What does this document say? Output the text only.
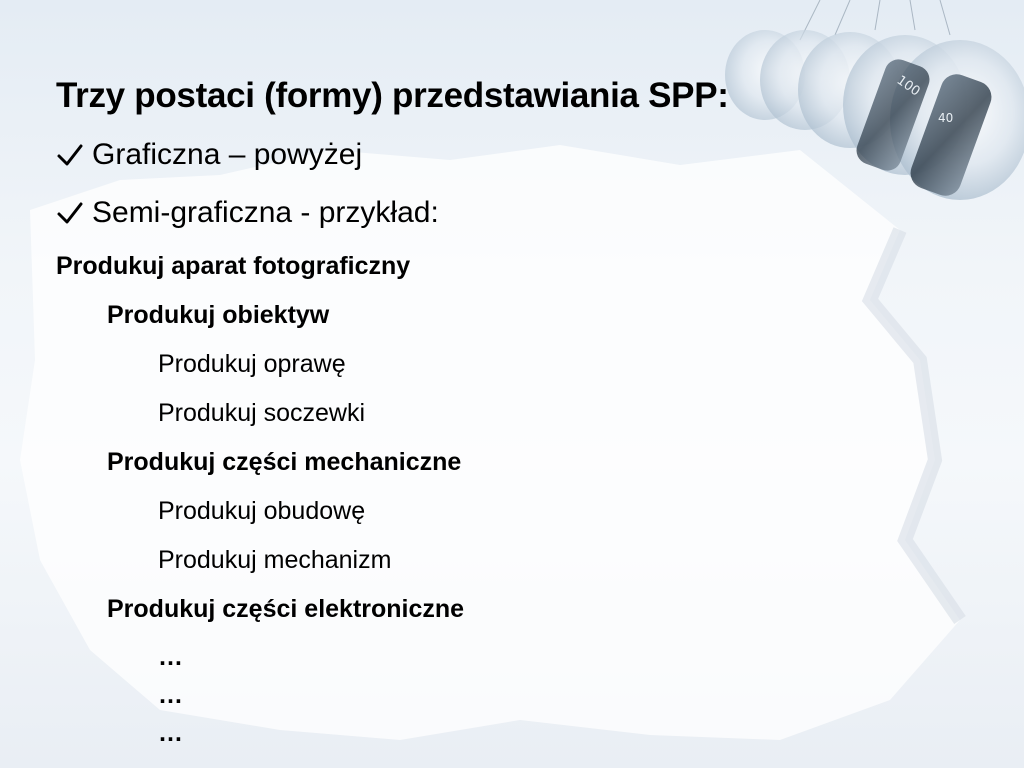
100
40
Trzy postaci (formy) przedstawiania SPP:
Graficzna – powyżej
Semi-graficzna - przykład:
Produkuj aparat fotograficzny
Produkuj obiektyw
Produkuj oprawę
Produkuj soczewki
Produkuj części mechaniczne
Produkuj obudowę
Produkuj mechanizm
Produkuj części elektroniczne
…
…
…
